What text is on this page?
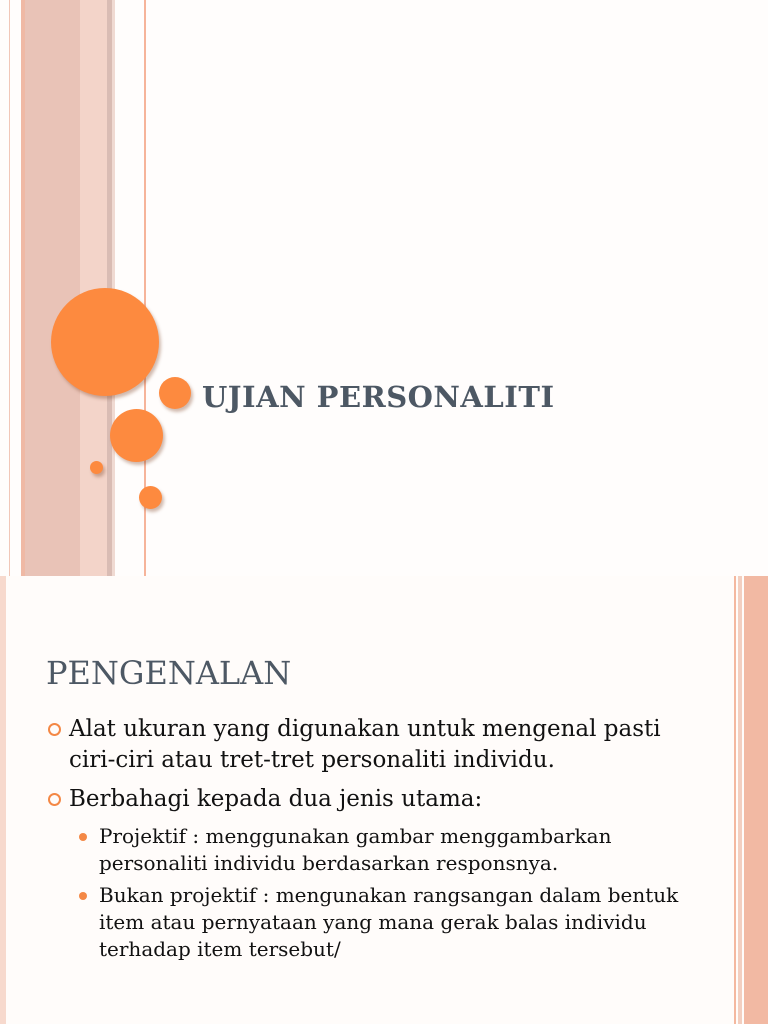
UJIAN PERSONALITI
PENGENALAN
Alat ukuran yang digunakan untuk mengenal pasti ciri-ciri atau tret-tret personaliti individu.
Berbahagi kepada dua jenis utama:
Projektif : menggunakan gambar menggambarkan personaliti individu berdasarkan responsnya.
Bukan projektif : mengunakan rangsangan dalam bentuk item atau pernyataan yang mana gerak balas individu terhadap item tersebut/
